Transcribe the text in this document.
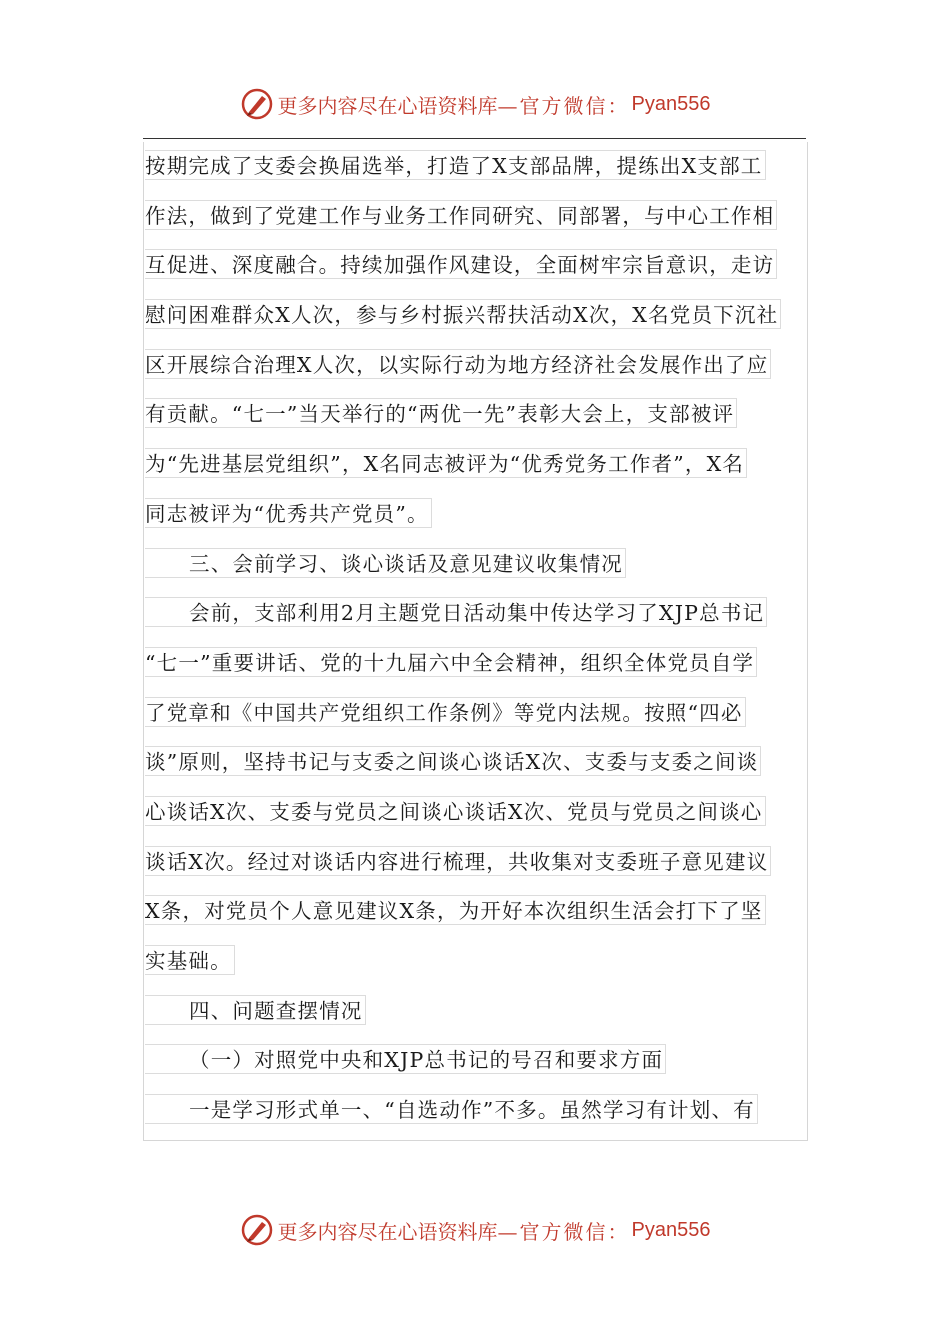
更多内容尽在心语资料库 —官方微信： Pyan556
按期完成了支委会换届选举，打造了X支部品牌，提练出X支部工
作法，做到了党建工作与业务工作同研究、同部署，与中心工作相
互促进、深度融合。持续加强作风建设，全面树牢宗旨意识，走访
慰问困难群众X人次，参与乡村振兴帮扶活动X次，X名党员下沉社
区开展综合治理X人次，以实际行动为地方经济社会发展作出了应
有贡献。“七一”当天举行的“两优一先”表彰大会上，支部被评
为“先进基层党组织”，X名同志被评为“优秀党务工作者”，X名
同志被评为“优秀共产党员”。
三、会前学习、谈心谈话及意见建议收集情况
会前，支部利用2月主题党日活动集中传达学习了XJP总书记
“七一”重要讲话、党的十九届六中全会精神，组织全体党员自学
了党章和《中国共产党组织工作条例》等党内法规。按照“四必
谈”原则，坚持书记与支委之间谈心谈话X次、支委与支委之间谈
心谈话X次、支委与党员之间谈心谈话X次、党员与党员之间谈心
谈话X次。经过对谈话内容进行梳理，共收集对支委班子意见建议
X条，对党员个人意见建议X条，为开好本次组织生活会打下了坚
实基础。
四、问题查摆情况
（一）对照党中央和XJP总书记的号召和要求方面
一是学习形式单一、“自选动作”不多。虽然学习有计划、有
更多内容尽在心语资料库 —官方微信： Pyan556
